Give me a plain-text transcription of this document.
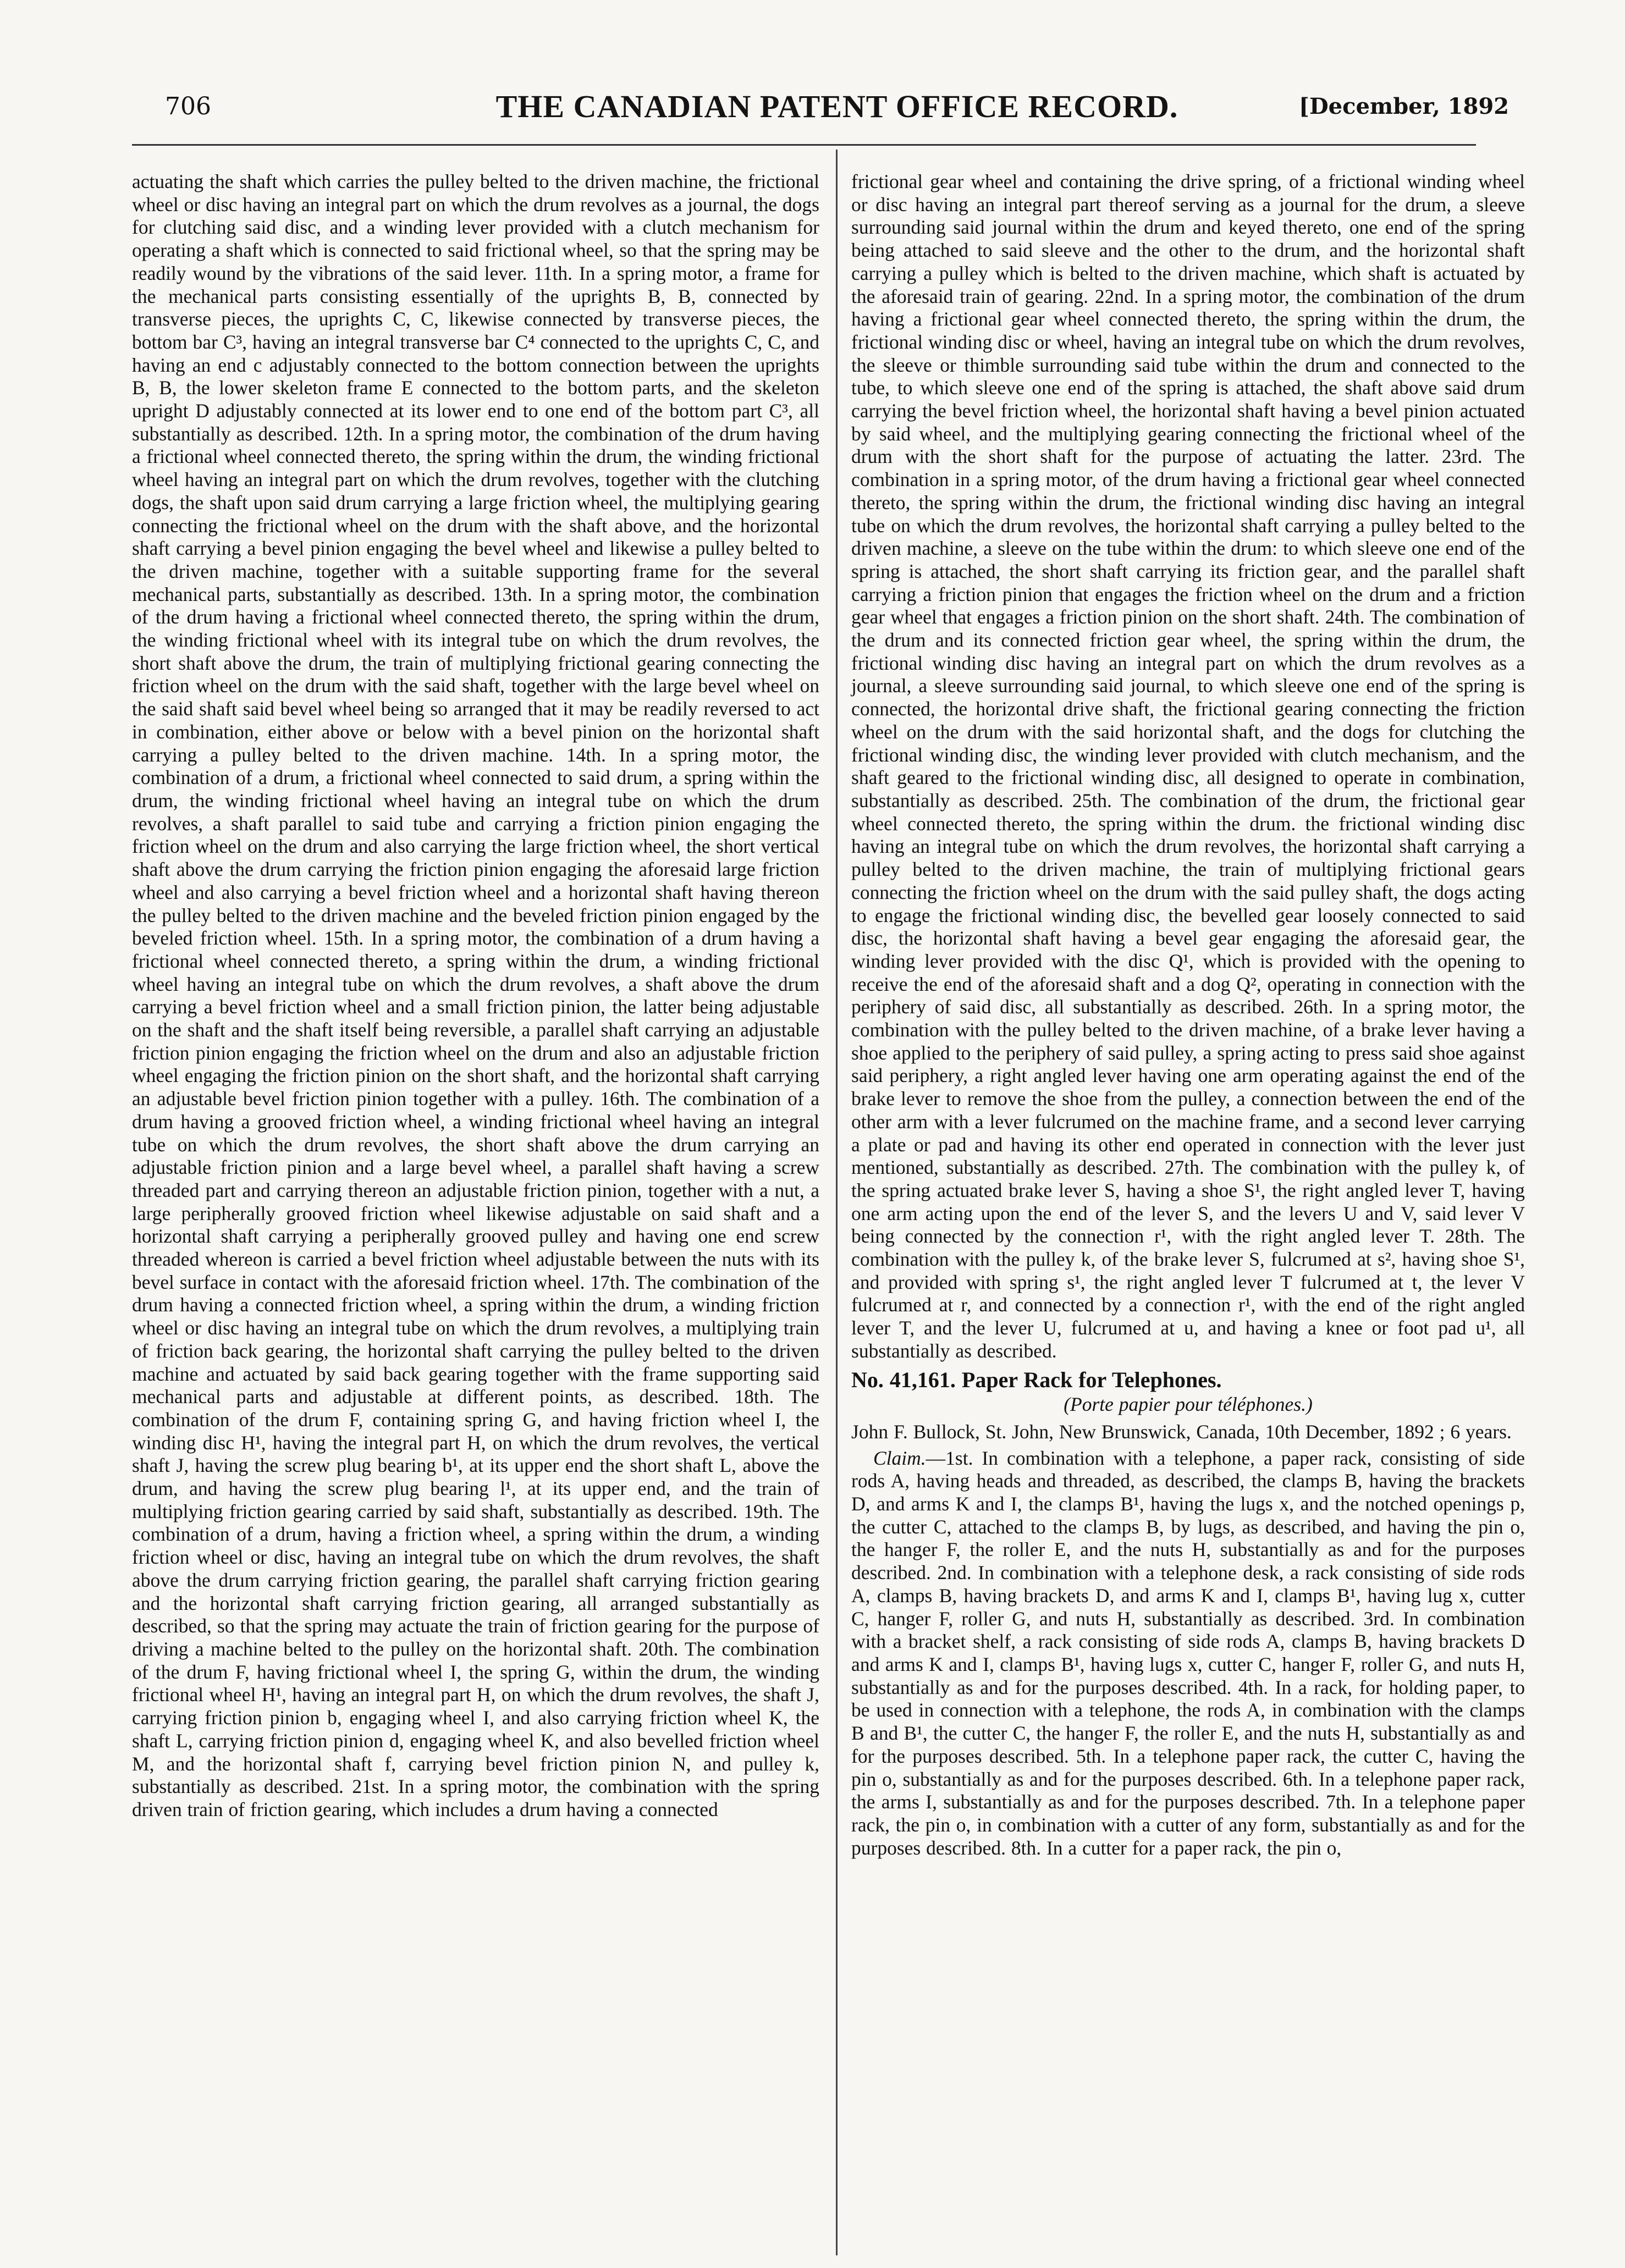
706	THE CANADIAN PATENT OFFICE RECORD.	[December, 1892

actuating the shaft which carries the pulley belted to the driven machine, the frictional wheel or disc having an integral part on which the drum revolves as a journal, the dogs for clutching said disc, and a winding lever provided with a clutch mechanism for operating a shaft which is connected to said frictional wheel, so that the spring may be readily wound by the vibrations of the said lever. 11th. In a spring motor, a frame for the mechanical parts consisting essentially of the uprights B, B, connected by transverse pieces, the uprights C, C, likewise connected by transverse pieces, the bottom bar C³, having an integral transverse bar C⁴ connected to the uprights C, C, and having an end c adjustably connected to the bottom connection between the uprights B, B, the lower skeleton frame E connected to the bottom parts, and the skeleton upright D adjustably connected at its lower end to one end of the bottom part C³, all substantially as described. 12th. In a spring motor, the combination of the drum having a frictional wheel connected thereto, the spring within the drum, the winding frictional wheel having an integral part on which the drum revolves, together with the clutching dogs, the shaft upon said drum carrying a large friction wheel, the multiplying gearing connecting the frictional wheel on the drum with the shaft above, and the horizontal shaft carrying a bevel pinion engaging the bevel wheel and likewise a pulley belted to the driven machine, together with a suitable supporting frame for the several mechanical parts, substantially as described. 13th. In a spring motor, the combination of the drum having a frictional wheel connected thereto, the spring within the drum, the winding frictional wheel with its integral tube on which the drum revolves, the short shaft above the drum, the train of multiplying frictional gearing connecting the friction wheel on the drum with the said shaft, together with the large bevel wheel on the said shaft said bevel wheel being so arranged that it may be readily reversed to act in combination, either above or below with a bevel pinion on the horizontal shaft carrying a pulley belted to the driven machine. 14th. In a spring motor, the combination of a drum, a frictional wheel connected to said drum, a spring within the drum, the winding frictional wheel having an integral tube on which the drum revolves, a shaft parallel to said tube and carrying a friction pinion engaging the friction wheel on the drum and also carrying the large friction wheel, the short vertical shaft above the drum carrying the friction pinion engaging the aforesaid large friction wheel and also carrying a bevel friction wheel and a horizontal shaft having thereon the pulley belted to the driven machine and the beveled friction pinion engaged by the beveled friction wheel. 15th. In a spring motor, the combination of a drum having a frictional wheel connected thereto, a spring within the drum, a winding frictional wheel having an integral tube on which the drum revolves, a shaft above the drum carrying a bevel friction wheel and a small friction pinion, the latter being adjustable on the shaft and the shaft itself being reversible, a parallel shaft carrying an adjustable friction pinion engaging the friction wheel on the drum and also an adjustable friction wheel engaging the friction pinion on the short shaft, and the horizontal shaft carrying an adjustable bevel friction pinion together with a pulley. 16th. The combination of a drum having a grooved friction wheel, a winding frictional wheel having an integral tube on which the drum revolves, the short shaft above the drum carrying an adjustable friction pinion and a large bevel wheel, a parallel shaft having a screw threaded part and carrying thereon an adjustable friction pinion, together with a nut, a large peripherally grooved friction wheel likewise adjustable on said shaft and a horizontal shaft carrying a peripherally grooved pulley and having one end screw threaded whereon is carried a bevel friction wheel adjustable between the nuts with its bevel surface in contact with the aforesaid friction wheel. 17th. The combination of the drum having a connected friction wheel, a spring within the drum, a winding friction wheel or disc having an integral tube on which the drum revolves, a multiplying train of friction back gearing, the horizontal shaft carrying the pulley belted to the driven machine and actuated by said back gearing together with the frame supporting said mechanical parts and adjustable at different points, as described. 18th. The combination of the drum F, containing spring G, and having friction wheel I, the winding disc H¹, having the integral part H, on which the drum revolves, the vertical shaft J, having the screw plug bearing b¹, at its upper end the short shaft L, above the drum, and having the screw plug bearing l¹, at its upper end, and the train of multiplying friction gearing carried by said shaft, substantially as described. 19th. The combination of a drum, having a friction wheel, a spring within the drum, a winding friction wheel or disc, having an integral tube on which the drum revolves, the shaft above the drum carrying friction gearing, the parallel shaft carrying friction gearing and the horizontal shaft carrying friction gearing, all arranged substantially as described, so that the spring may actuate the train of friction gearing for the purpose of driving a machine belted to the pulley on the horizontal shaft. 20th. The combination of the drum F, having frictional wheel I, the spring G, within the drum, the winding frictional wheel H¹, having an integral part H, on which the drum revolves, the shaft J, carrying friction pinion b, engaging wheel I, and also carrying friction wheel K, the shaft L, carrying friction pinion d, engaging wheel K, and also bevelled friction wheel M, and the horizontal shaft f, carrying bevel friction pinion N, and pulley k, substantially as described. 21st. In a spring motor, the combination with the spring driven train of friction gearing, which includes a drum having a connected

frictional gear wheel and containing the drive spring, of a frictional winding wheel or disc having an integral part thereof serving as a journal for the drum, a sleeve surrounding said journal within the drum and keyed thereto, one end of the spring being attached to said sleeve and the other to the drum, and the horizontal shaft carrying a pulley which is belted to the driven machine, which shaft is actuated by the aforesaid train of gearing. 22nd. In a spring motor, the combination of the drum having a frictional gear wheel connected thereto, the spring within the drum, the frictional winding disc or wheel, having an integral tube on which the drum revolves, the sleeve or thimble surrounding said tube within the drum and connected to the tube, to which sleeve one end of the spring is attached, the shaft above said drum carrying the bevel friction wheel, the horizontal shaft having a bevel pinion actuated by said wheel, and the multiplying gearing connecting the frictional wheel of the drum with the short shaft for the purpose of actuating the latter. 23rd. The combination in a spring motor, of the drum having a frictional gear wheel connected thereto, the spring within the drum, the frictional winding disc having an integral tube on which the drum revolves, the horizontal shaft carrying a pulley belted to the driven machine, a sleeve on the tube within the drum: to which sleeve one end of the spring is attached, the short shaft carrying its friction gear, and the parallel shaft carrying a friction pinion that engages the friction wheel on the drum and a friction gear wheel that engages a friction pinion on the short shaft. 24th. The combination of the drum and its connected friction gear wheel, the spring within the drum, the frictional winding disc having an integral part on which the drum revolves as a journal, a sleeve surrounding said journal, to which sleeve one end of the spring is connected, the horizontal drive shaft, the frictional gearing connecting the friction wheel on the drum with the said horizontal shaft, and the dogs for clutching the frictional winding disc, the winding lever provided with clutch mechanism, and the shaft geared to the frictional winding disc, all designed to operate in combination, substantially as described. 25th. The combination of the drum, the frictional gear wheel connected thereto, the spring within the drum. the frictional winding disc having an integral tube on which the drum revolves, the horizontal shaft carrying a pulley belted to the driven machine, the train of multiplying frictional gears connecting the friction wheel on the drum with the said pulley shaft, the dogs acting to engage the frictional winding disc, the bevelled gear loosely connected to said disc, the horizontal shaft having a bevel gear engaging the aforesaid gear, the winding lever provided with the disc Q¹, which is provided with the opening to receive the end of the aforesaid shaft and a dog Q², operating in connection with the periphery of said disc, all substantially as described. 26th. In a spring motor, the combination with the pulley belted to the driven machine, of a brake lever having a shoe applied to the periphery of said pulley, a spring acting to press said shoe against said periphery, a right angled lever having one arm operating against the end of the brake lever to remove the shoe from the pulley, a connection between the end of the other arm with a lever fulcrumed on the machine frame, and a second lever carrying a plate or pad and having its other end operated in connection with the lever just mentioned, substantially as described. 27th. The combination with the pulley k, of the spring actuated brake lever S, having a shoe S¹, the right angled lever T, having one arm acting upon the end of the lever S, and the levers U and V, said lever V being connected by the connection r¹, with the right angled lever T. 28th. The combination with the pulley k, of the brake lever S, fulcrumed at s², having shoe S¹, and provided with spring s¹, the right angled lever T fulcrumed at t, the lever V fulcrumed at r, and connected by a connection r¹, with the end of the right angled lever T, and the lever U, fulcrumed at u, and having a knee or foot pad u¹, all substantially as described.

No. 41,161. Paper Rack for Telephones.

(Porte papier pour téléphones.)

John F. Bullock, St. John, New Brunswick, Canada, 10th December, 1892 ; 6 years.

Claim.—1st. In combination with a telephone, a paper rack, consisting of side rods A, having heads and threaded, as described, the clamps B, having the brackets D, and arms K and I, the clamps B¹, having the lugs x, and the notched openings p, the cutter C, attached to the clamps B, by lugs, as described, and having the pin o, the hanger F, the roller E, and the nuts H, substantially as and for the purposes described. 2nd. In combination with a telephone desk, a rack consisting of side rods A, clamps B, having brackets D, and arms K and I, clamps B¹, having lug x, cutter C, hanger F, roller G, and nuts H, substantially as described. 3rd. In combination with a bracket shelf, a rack consisting of side rods A, clamps B, having brackets D and arms K and I, clamps B¹, having lugs x, cutter C, hanger F, roller G, and nuts H, substantially as and for the purposes described. 4th. In a rack, for holding paper, to be used in connection with a telephone, the rods A, in combination with the clamps B and B¹, the cutter C, the hanger F, the roller E, and the nuts H, substantially as and for the purposes described. 5th. In a telephone paper rack, the cutter C, having the pin o, substantially as and for the purposes described. 6th. In a telephone paper rack, the arms I, substantially as and for the purposes described. 7th. In a telephone paper rack, the pin o, in combination with a cutter of any form, substantially as and for the purposes described. 8th. In a cutter for a paper rack, the pin o,
